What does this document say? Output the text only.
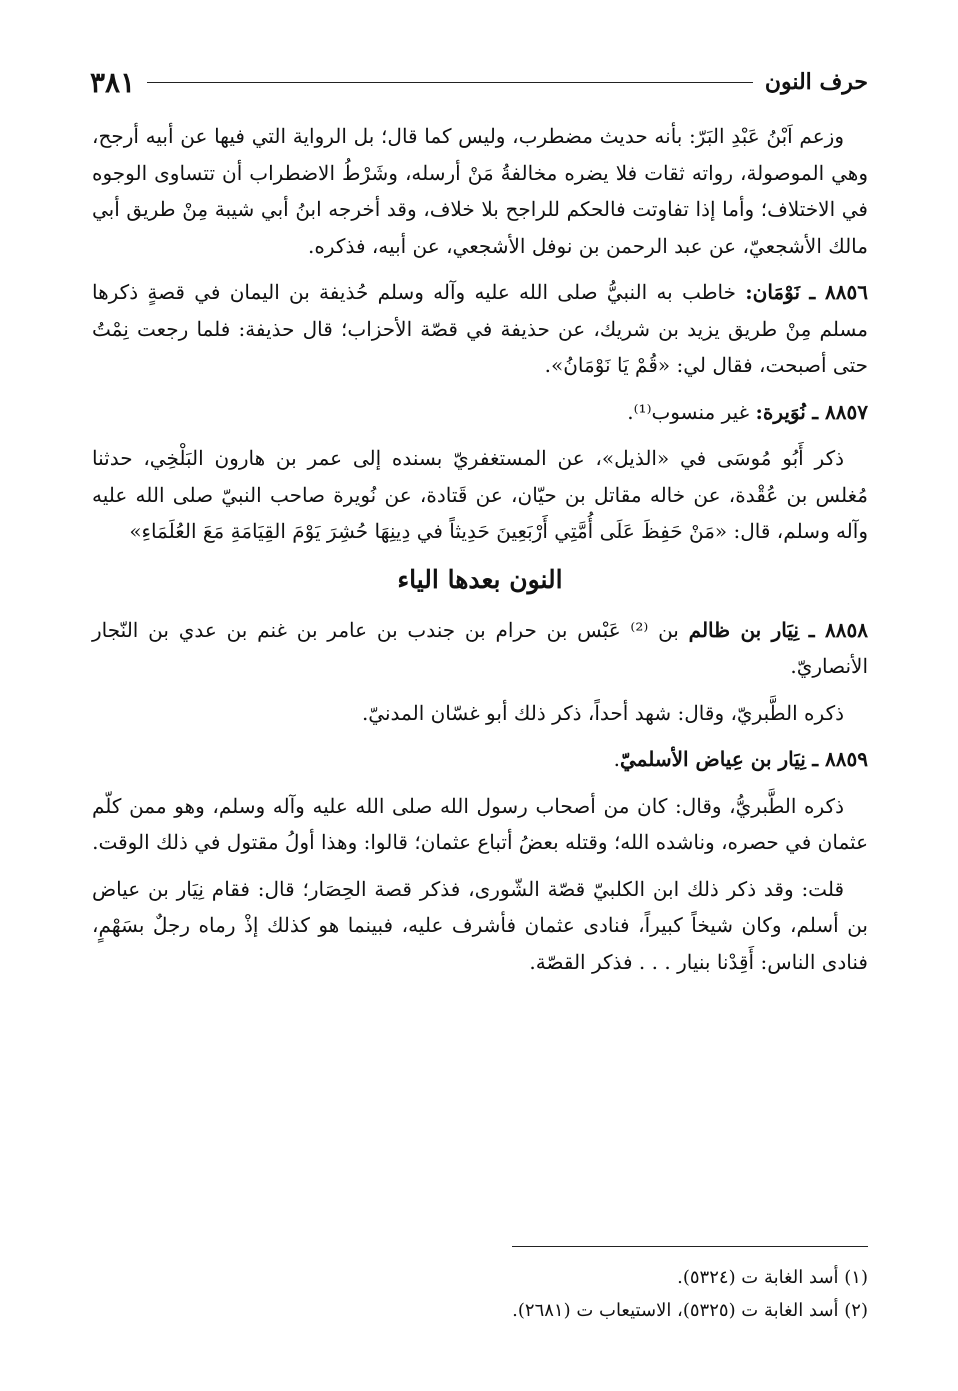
حرف النون
٣٨١

وزعم اَبْنُ عَبْدِ البَرّ: بأنه حديث مضطرب، وليس كما قال؛ بل الرواية التي فيها عن أبيه أرجح، وهي الموصولة، رواته ثقات فلا يضره مخالفةُ مَنْ أرسله، وشَرْطُ الاضطراب أن تتساوى الوجوه في الاختلاف؛ وأما إذا تفاوتت فالحكم للراجح بلا خلاف، وقد أخرجه ابنُ أبي شيبة مِنْ طريق أبي مالك الأشجعيّ، عن عبد الرحمن بن نوفل الأشجعي، عن أبيه، فذكره.

٨٨٥٦ ـ نَوْمَان: خاطب به النبيُّ صلى الله عليه وآله وسلم حُذيفة بن اليمان في قصةٍ ذكرها مسلم مِنْ طريق يزيد بن شريك، عن حذيفة في قصّة الأحزاب؛ قال حذيفة: فلما رجعت نِمْتُ حتى أصبحت، فقال لي: «قُمْ يَا نَوْمَانُ».

٨٨٥٧ ـ نُوَيرة: غير منسوب⁽¹⁾.

ذكر أَبُو مُوسَى في «الذيل»، عن المستغفريّ بسنده إلى عمر بن هارون البَلْخِي، حدثنا مُغلس بن عُقْدة، عن خاله مقاتل بن حيّان، عن قَتادة، عن نُويرة صاحب النبيّ صلى الله عليه وآله وسلم، قال: «مَنْ حَفِظَ عَلَى أُمَّتِي أَرْبَعِينَ حَدِيثاً في دِينِهَا حُشِرَ يَوْمَ القِيَامَةِ مَعَ العُلَمَاءِ»

النون بعدها الياء

٨٨٥٨ ـ نِيَار بن ظالم بن ⁽²⁾ عَبْس بن حرام بن جندب بن عامر بن غنم بن عدي بن النّجار الأنصاريّ.

ذكره الطَّبريّ، وقال: شهد أحداً، ذكر ذلك أبو غسّان المدنيّ.

٨٨٥٩ ـ نِيَار بن عِياض الأسلميّ.

ذكره الطَّبريُّ، وقال: كان من أصحاب رسول الله صلى الله عليه وآله وسلم، وهو ممن كلّم عثمان في حصره، وناشده الله؛ وقتله بعضُ أتباع عثمان؛ قالوا: وهذا أولُ مقتول في ذلك الوقت.

قلت: وقد ذكر ذلك ابن الكلبيّ قصّة الشّورى، فذكر قصة الحِصَار؛ قال: فقام نِيَار بن عياض بن أسلم، وكان شيخاً كبيراً، فنادى عثمان فأشرف عليه، فبينما هو كذلك إذْ رماه رجلٌ بسَهْمٍ، فنادى الناس: أَقِدْنا بنيار . . . فذكر القصّة.

(١) أسد الغابة ت (٥٣٢٤).

(٢) أسد الغابة ت (٥٣٢٥)، الاستيعاب ت (٢٦٨١).
